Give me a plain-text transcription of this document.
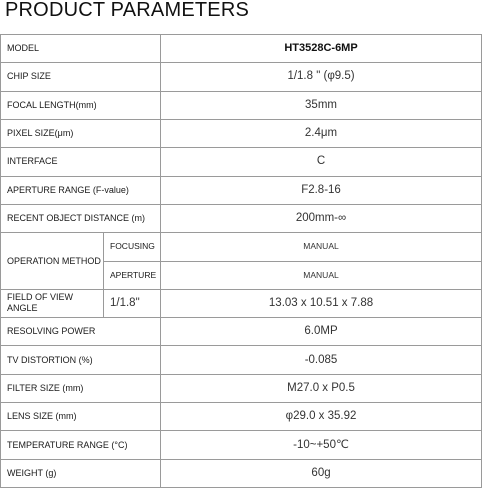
PRODUCT PARAMETERS
MODEL		HT3528C-6MP
CHIP SIZE		1/1.8 " (φ9.5)
FOCAL LENGTH(mm)		35mm
PIXEL SIZE(μm)		2.4μm
INTERFACE		C
APERTURE RANGE (F-value)		F2.8-16
RECENT OBJECT DISTANCE (m)		200mm-∞
OPERATION METHOD	FOCUSING	MANUAL
	APERTURE	MANUAL
FIELD OF VIEW ANGLE	1/1.8"	13.03 x 10.51 x 7.88
RESOLVING POWER		6.0MP
TV DISTORTION (%)		-0.085
FILTER SIZE (mm)		M27.0 x P0.5
LENS SIZE (mm)		φ29.0 x 35.92
TEMPERATURE RANGE (°C)		-10~+50℃
WEIGHT (g)		60g
